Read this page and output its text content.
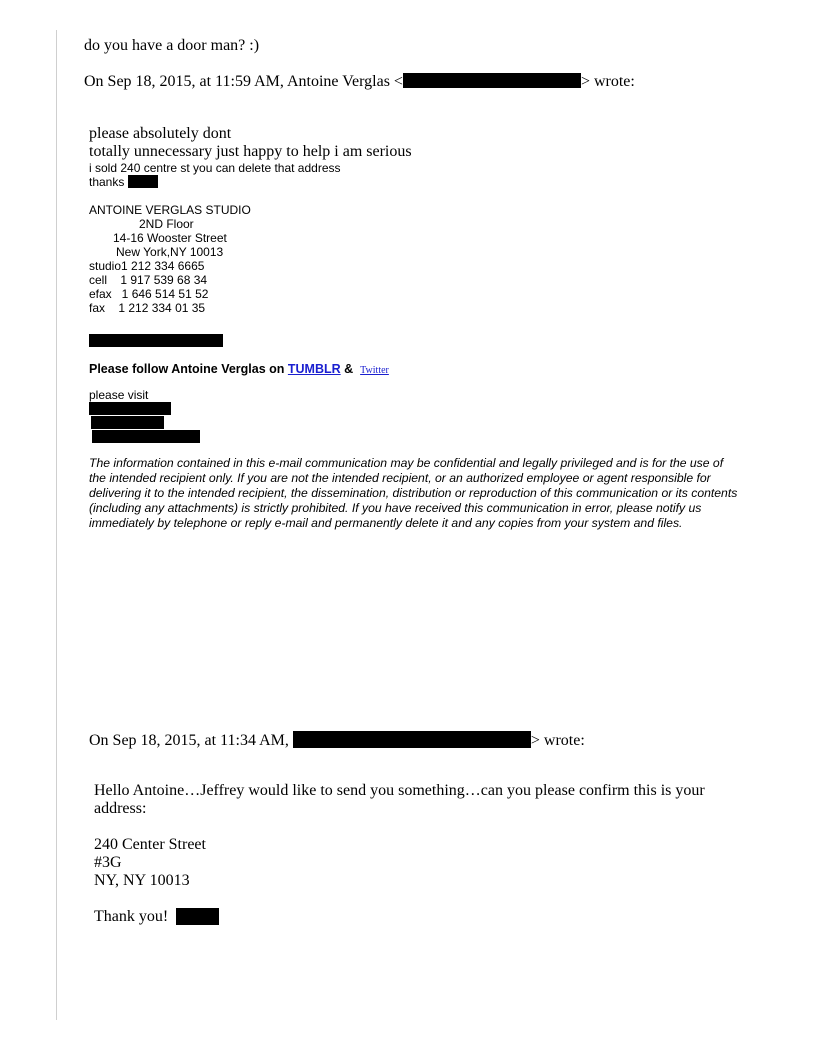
do you have a door man? :)
On Sep 18, 2015, at 11:59 AM, Antoine Verglas <	> wrote:
please absolutely dont
totally unnecessary just happy to help i am serious
i sold 240 centre st you can delete that address
thanks
ANTOINE VERGLAS STUDIO
2ND Floor
14-16 Wooster Street
New York,NY 10013
studio1 212 334 6665
cell    1 917 539 68 34
efax   1 646 514 51 52
fax    1 212 334 01 35
Please follow Antoine Verglas on TUMBLR &  Twitter
please visit
The information contained in this e-mail communication may be confidential and legally privileged and is for the use of the intended recipient only. If you are not the intended recipient, or an authorized employee or agent responsible for delivering it to the intended recipient, the dissemination, distribution or reproduction of this communication or its contents (including any attachments) is strictly prohibited. If you have received this communication in error, please notify us immediately by telephone or reply e-mail and permanently delete it and any copies from your system and files.
On Sep 18, 2015, at 11:34 AM,	> wrote:
Hello Antoine…Jeffrey would like to send you something…can you please confirm this is your address:
240 Center Street
#3G
NY, NY 10013
Thank you!
